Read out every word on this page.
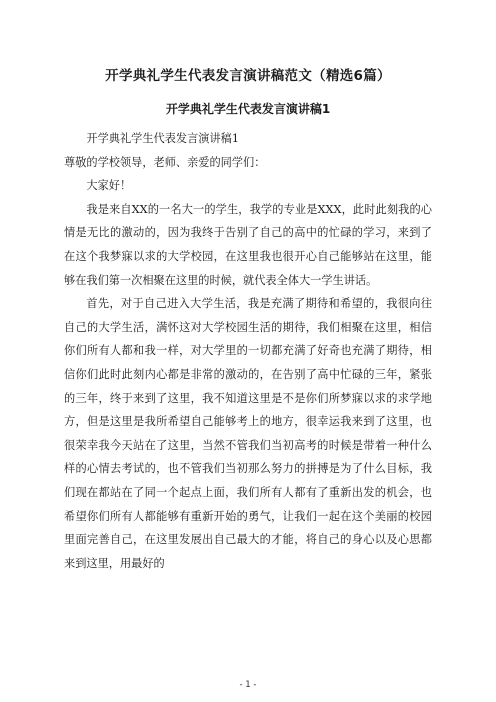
开学典礼学生代表发言演讲稿范文（精选6篇）
开学典礼学生代表发言演讲稿1

开学典礼学生代表发言演讲稿1

尊敬的学校领导，老师、亲爱的同学们：

大家好！

我是来自XX的一名大一的学生，我学的专业是XXX，此时此刻我的心情是无比的激动的，因为我终于告别了自己的高中的忙碌的学习，来到了在这个我梦寐以求的大学校园，在这里我也很开心自己能够站在这里，能够在我们第一次相聚在这里的时候，就代表全体大一学生讲话。

首先，对于自己进入大学生活，我是充满了期待和希望的，我很向往自己的大学生活，满怀这对大学校园生活的期待，我们相聚在这里，相信你们所有人都和我一样，对大学里的一切都充满了好奇也充满了期待，相信你们此时此刻内心都是非常的激动的，在告别了高中忙碌的三年，紧张的三年，终于来到了这里，我不知道这里是不是你们所梦寐以求的求学地方，但是这里是我所希望自己能够考上的地方，很幸运我来到了这里，也很荣幸我今天站在了这里，当然不管我们当初高考的时候是带着一种什么样的心情去考试的，也不管我们当初那么努力的拼搏是为了什么目标，我们现在都站在了同一个起点上面，我们所有人都有了重新出发的机会，也希望你们所有人都能够有重新开始的勇气，让我们一起在这个美丽的校园里面完善自己，在这里发展出自己最大的才能，将自己的身心以及心思都来到这里，用最好的

- 1 -
